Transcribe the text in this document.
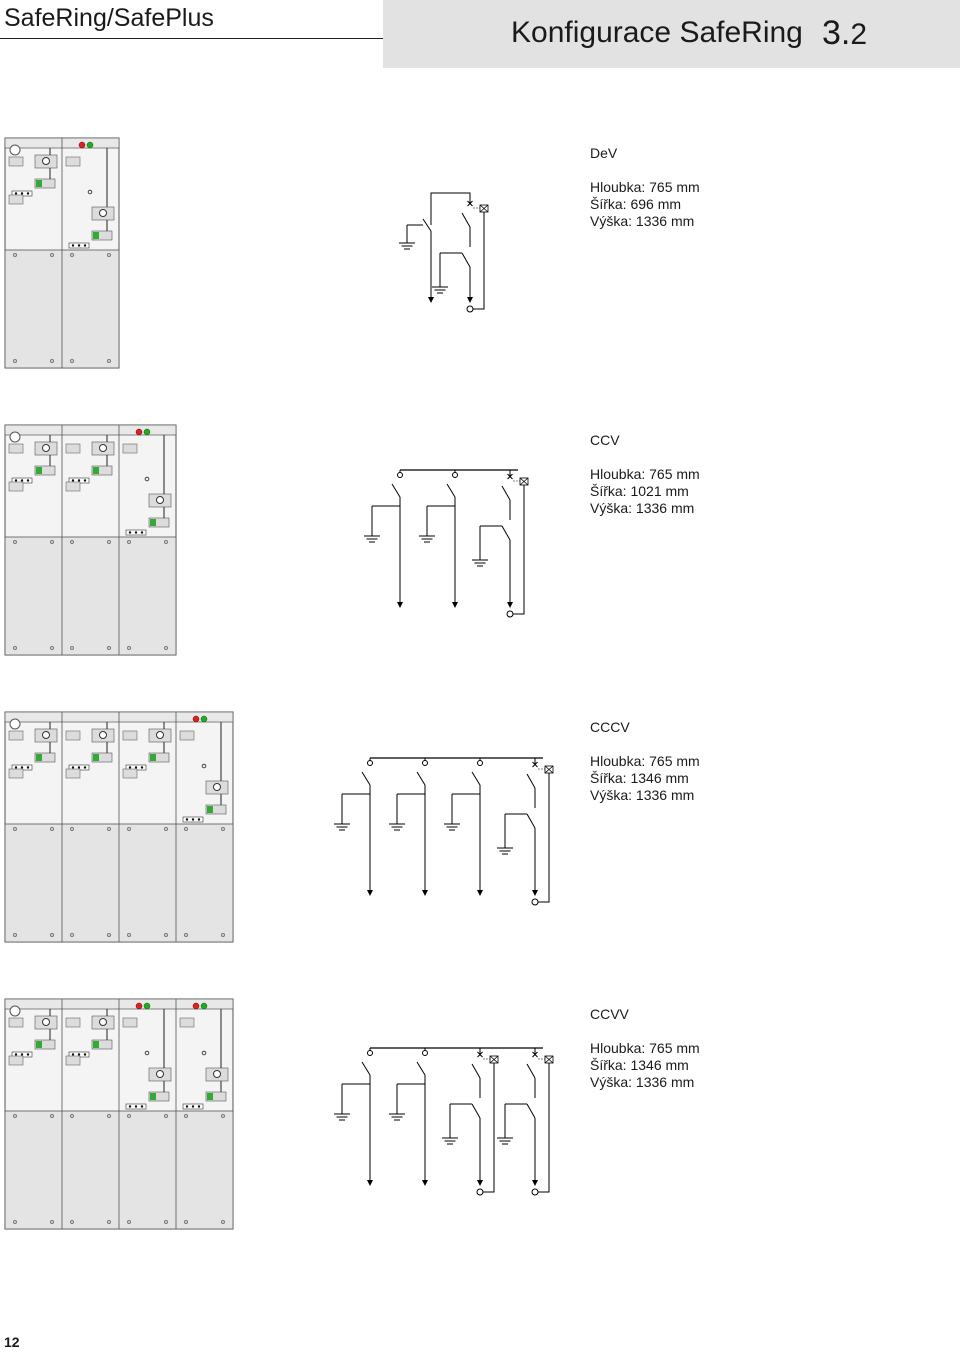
SafeRing/SafePlus	Konfigurace SafeRing 3.2
DeV
Hloubka: 765 mm
Šířka: 696 mm
Výška: 1336 mm
CCV
Hloubka: 765 mm
Šířka: 1021 mm
Výška: 1336 mm
CCCV
Hloubka: 765 mm
Šířka: 1346 mm
Výška: 1336 mm
CCVV
Hloubka: 765 mm
Šířka: 1346 mm
Výška: 1336 mm
12
